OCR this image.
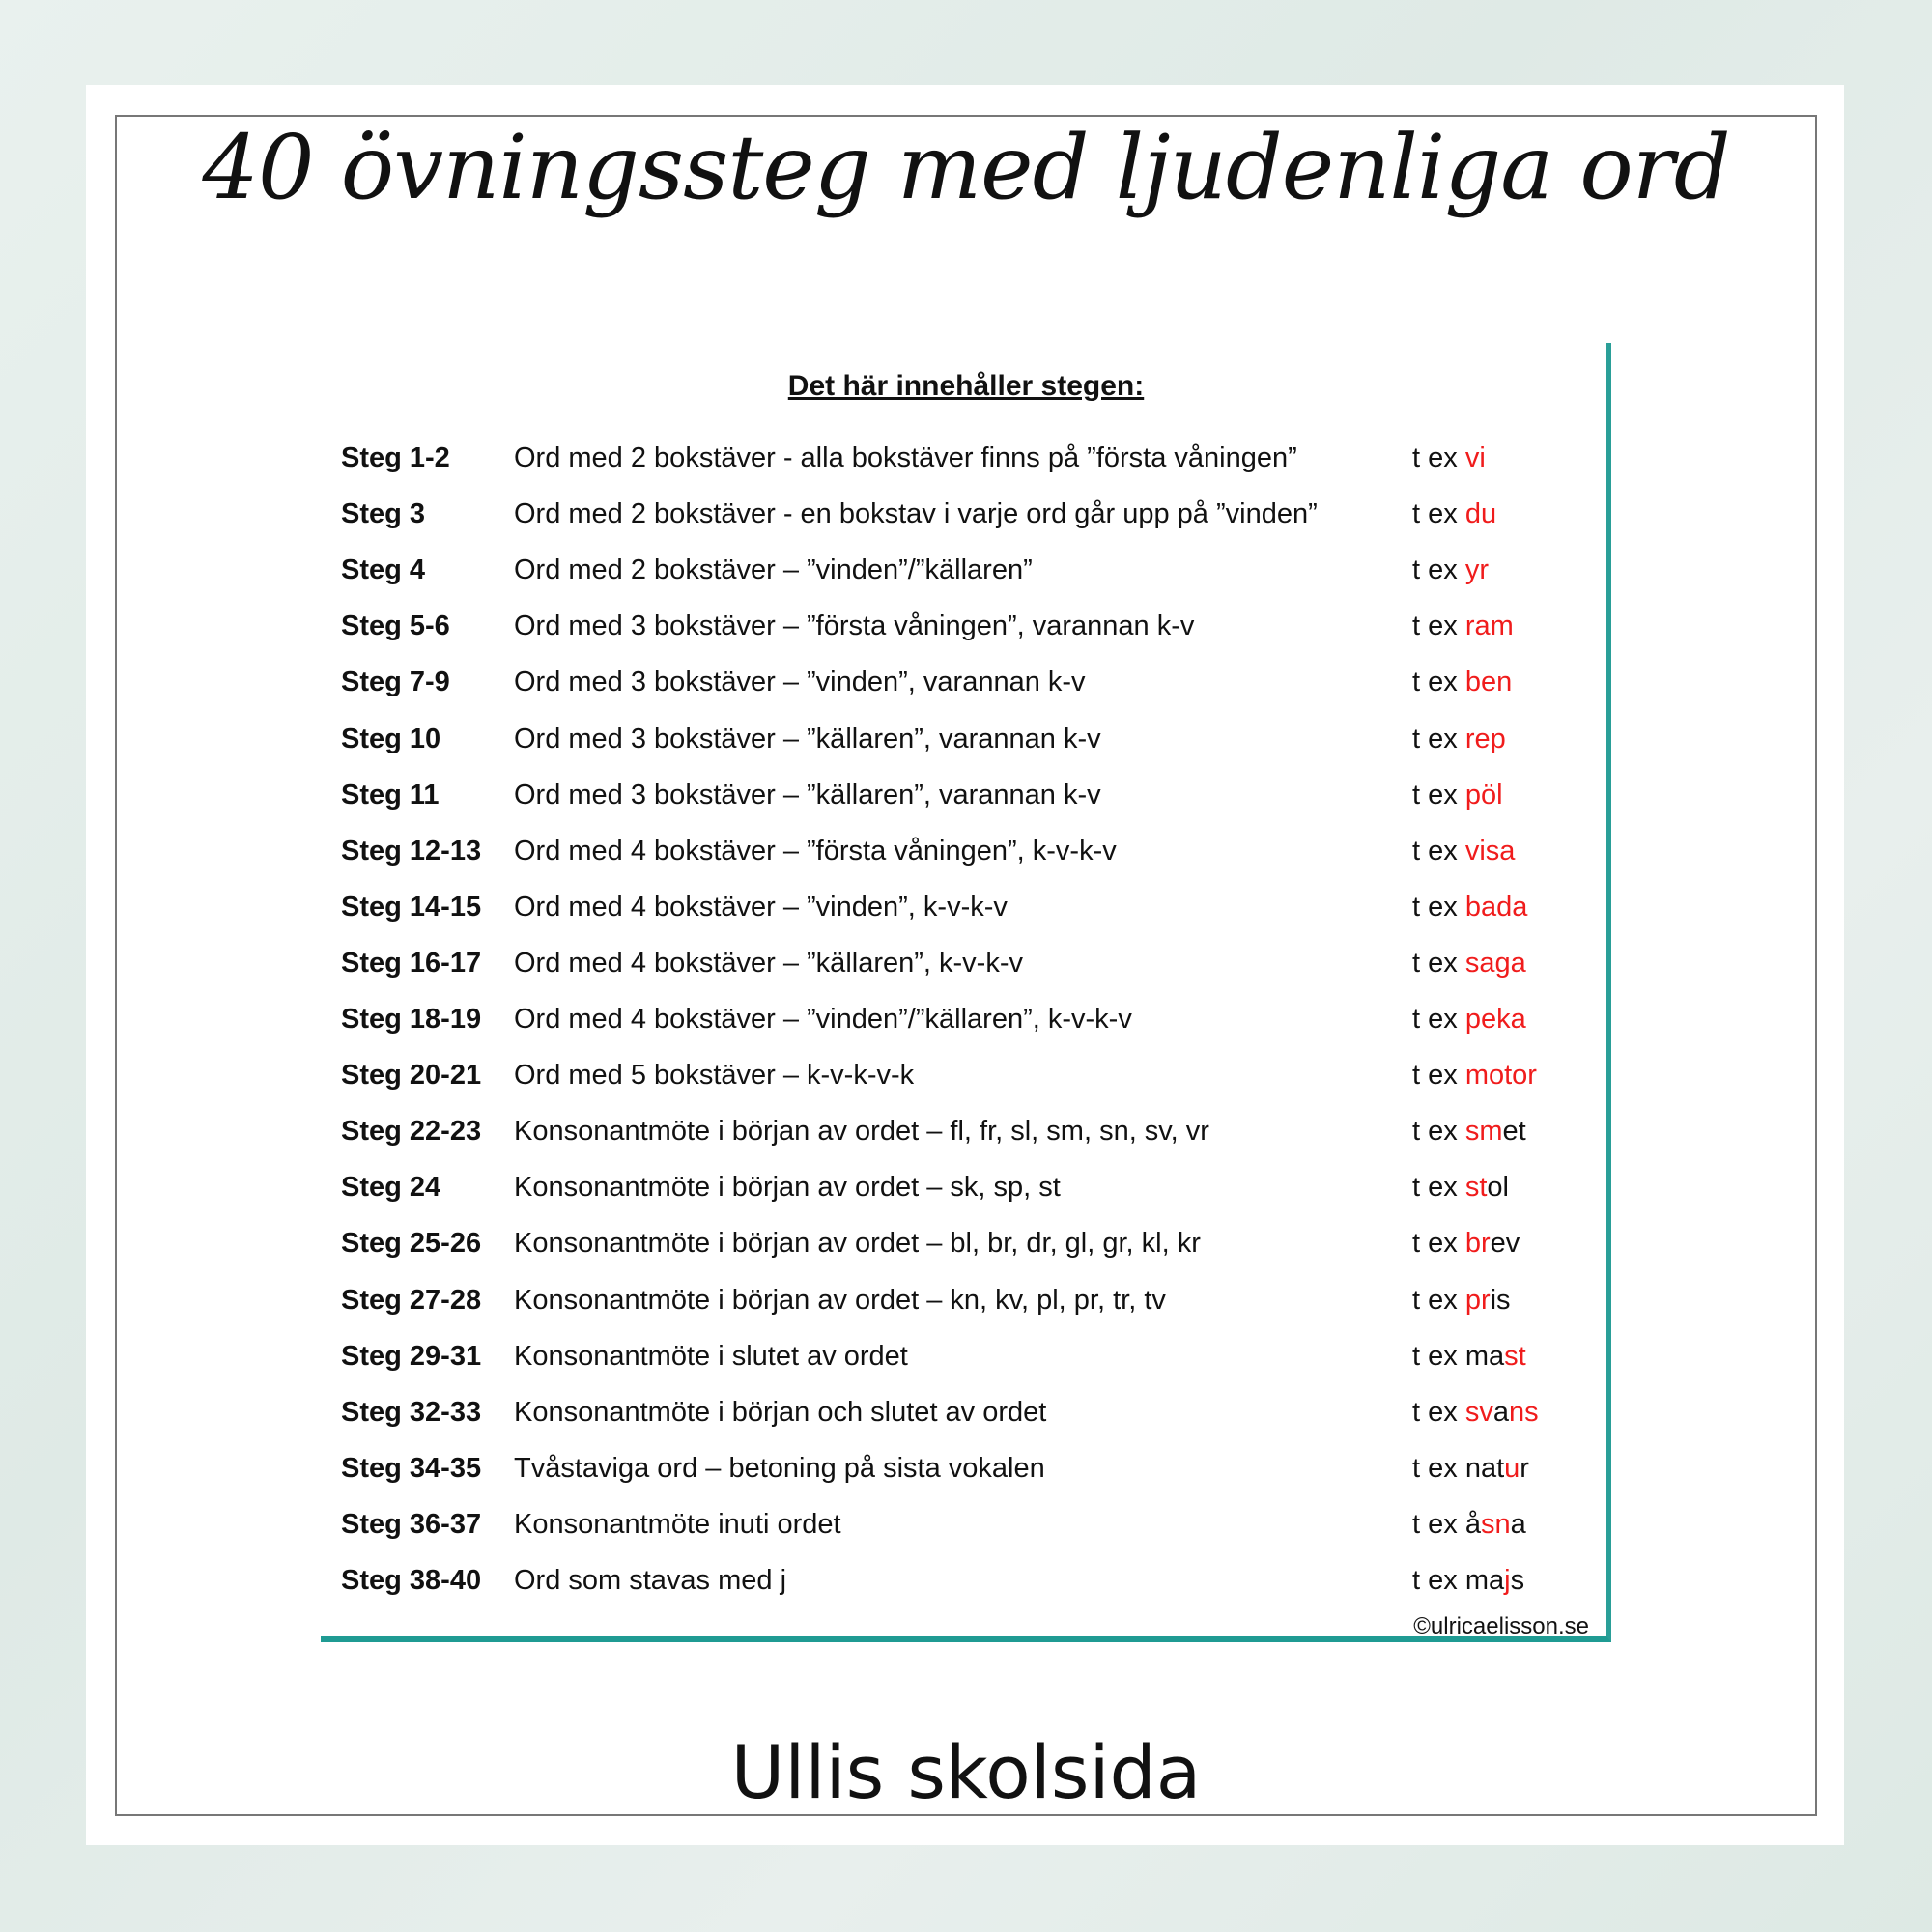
40 övningssteg med ljudenliga ord
Det här innehåller stegen:
©ulricaelisson.se
Steg 1-2 Ord med 2 bokstäver - alla bokstäver finns på ”första våningen”	t ex vi
Steg 3	Ord med 2 bokstäver - en bokstav i varje ord går upp på ”vinden”	t ex du
Steg 4	Ord med 2 bokstäver – ”vinden”/”källaren”	t ex yr
Steg 5-6 Ord med 3 bokstäver – ”första våningen”, varannan k-v	t ex ram
Steg 7-9 Ord med 3 bokstäver – ”vinden”, varannan k-v	t ex ben
Steg 10	Ord med 3 bokstäver – ”källaren”, varannan k-v	t ex rep
Steg 11	Ord med 3 bokstäver – ”källaren”, varannan k-v	t ex pöl
Steg 12-13 Ord med 4 bokstäver – ”första våningen”, k-v-k-v	t ex visa
Steg 14-15 Ord med 4 bokstäver – ”vinden”, k-v-k-v	t ex bada
Steg 16-17 Ord med 4 bokstäver – ”källaren”, k-v-k-v	t ex saga
Steg 18-19 Ord med 4 bokstäver – ”vinden”/”källaren”, k-v-k-v	t ex peka
Steg 20-21 Ord med 5 bokstäver – k-v-k-v-k	t ex motor
Steg 22-23 Konsonantmöte i början av ordet – fl, fr, sl, sm, sn, sv, vr	t ex smet
Steg 24	Konsonantmöte i början av ordet – sk, sp, st	t ex stol
Steg 25-26 Konsonantmöte i början av ordet – bl, br, dr, gl, gr, kl, kr	t ex brev
Steg 27-28 Konsonantmöte i början av ordet – kn, kv, pl, pr, tr, tv	t ex pris
Steg 29-31 Konsonantmöte i slutet av ordet	t ex mast
Steg 32-33 Konsonantmöte i början och slutet av ordet	t ex svans
Steg 34-35 Tvåstaviga ord – betoning på sista vokalen	t ex natur
Steg 36-37 Konsonantmöte inuti ordet	t ex åsna
Steg 38-40 Ord som stavas med j	t ex majs
Ullis skolsida
